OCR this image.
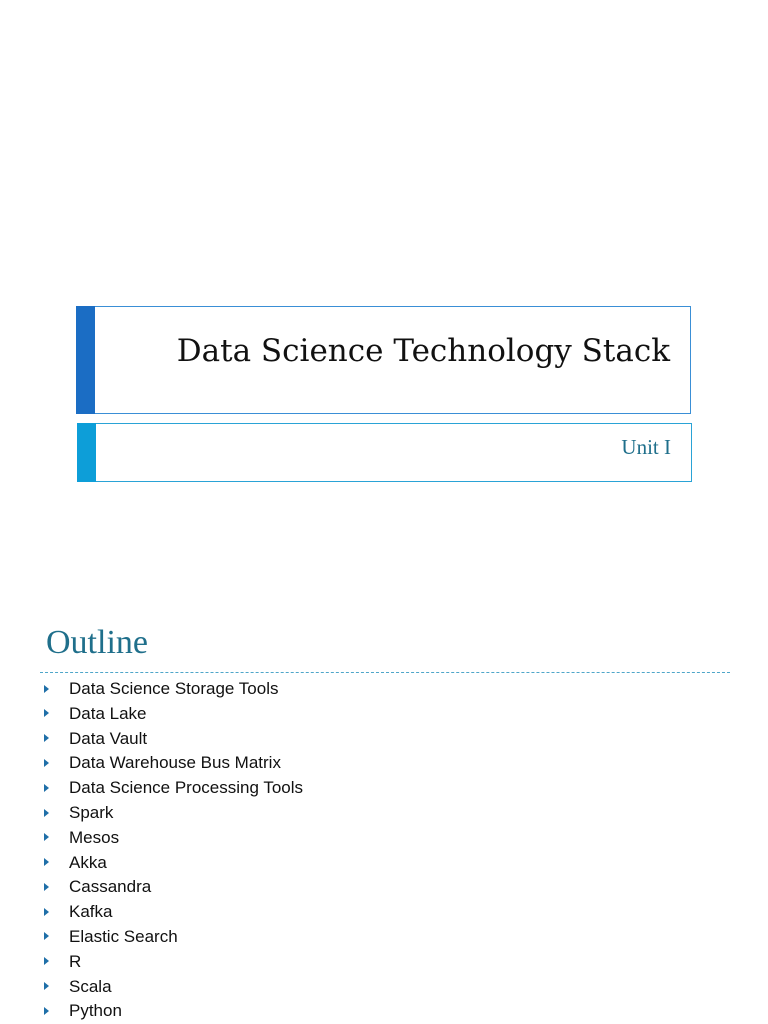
Data Science Technology Stack
Unit I
Outline
Data Science Storage Tools
Data Lake
Data Vault
Data Warehouse Bus Matrix
Data Science Processing Tools
Spark
Mesos
Akka
Cassandra
Kafka
Elastic Search
R
Scala
Python
